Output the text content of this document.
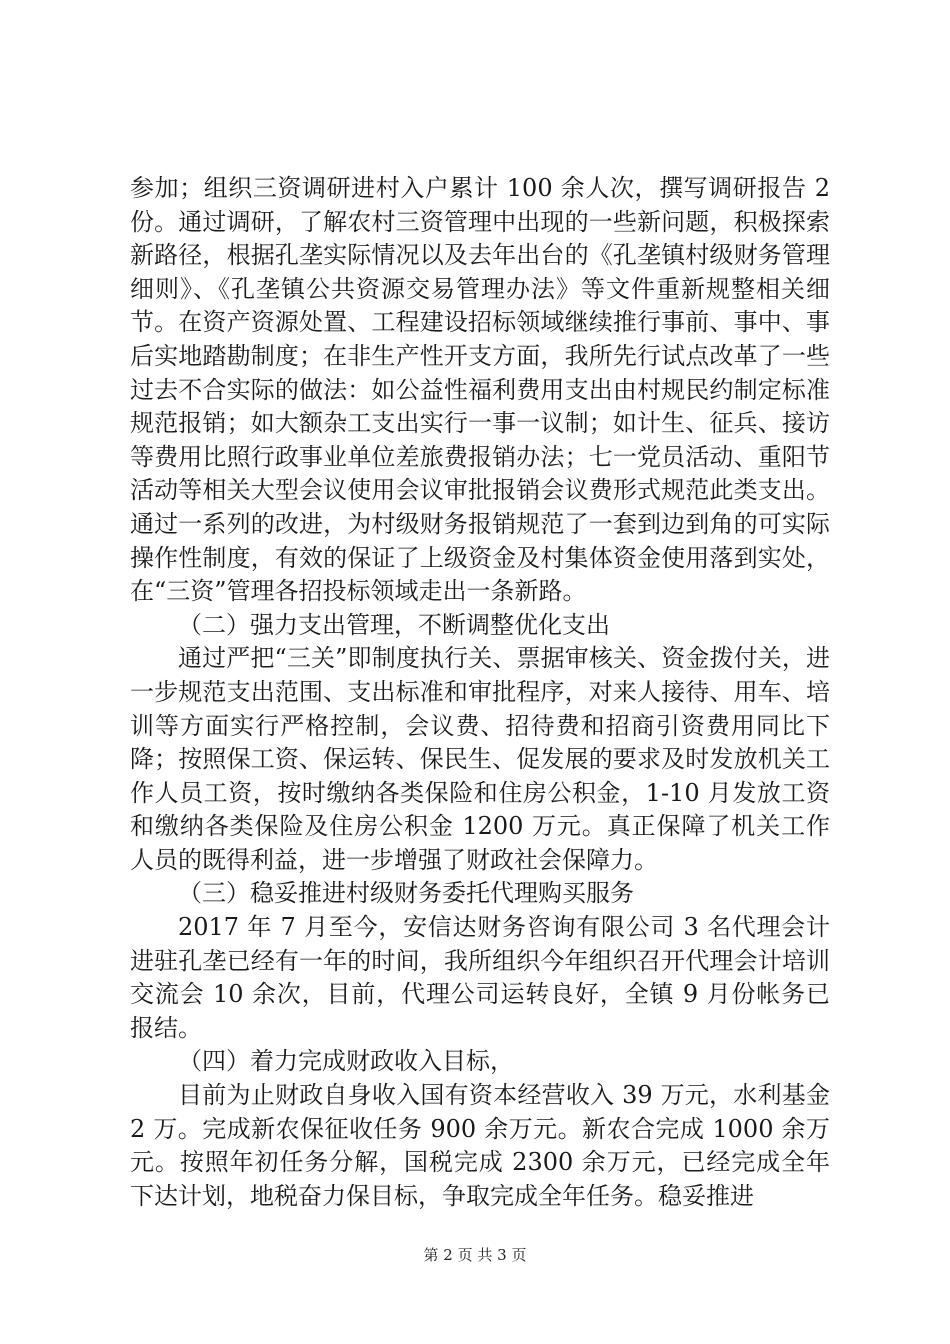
参加；组织三资调研进村入户累计 100 余人次，撰写调研报告 2 份。通过调研，了解农村三资管理中出现的一些新问题，积极探索新路径，根据孔垄实际情况以及去年出台的《孔垄镇村级财务管理细则》、《孔垄镇公共资源交易管理办法》等文件重新规整相关细节。在资产资源处置、工程建设招标领域继续推行事前、事中、事后实地踏勘制度；在非生产性开支方面，我所先行试点改革了一些过去不合实际的做法：如公益性福利费用支出由村规民约制定标准规范报销；如大额杂工支出实行一事一议制；如计生、征兵、接访等费用比照行政事业单位差旅费报销办法；七一党员活动、重阳节活动等相关大型会议使用会议审批报销会议费形式规范此类支出。通过一系列的改进，为村级财务报销规范了一套到边到角的可实际操作性制度，有效的保证了上级资金及村集体资金使用落到实处，在“三资”管理各招投标领域走出一条新路。

（二）强力支出管理，不断调整优化支出

通过严把“三关”即制度执行关、票据审核关、资金拨付关，进一步规范支出范围、支出标准和审批程序，对来人接待、用车、培训等方面实行严格控制，会议费、招待费和招商引资费用同比下降；按照保工资、保运转、保民生、促发展的要求及时发放机关工作人员工资，按时缴纳各类保险和住房公积金，1-10 月发放工资和缴纳各类保险及住房公积金 1200 万元。真正保障了机关工作人员的既得利益，进一步增强了财政社会保障力。

（三）稳妥推进村级财务委托代理购买服务

2017 年 7 月至今，安信达财务咨询有限公司 3 名代理会计进驻孔垄已经有一年的时间，我所组织今年组织召开代理会计培训交流会 10 余次，目前，代理公司运转良好，全镇 9 月份帐务已报结。

（四）着力完成财政收入目标，

目前为止财政自身收入国有资本经营收入 39 万元，水利基金 2 万。完成新农保征收任务 900 余万元。新农合完成 1000 余万元。按照年初任务分解，国税完成 2300 余万元，已经完成全年下达计划，地税奋力保目标，争取完成全年任务。稳妥推进

第 2 页 共 3 页
